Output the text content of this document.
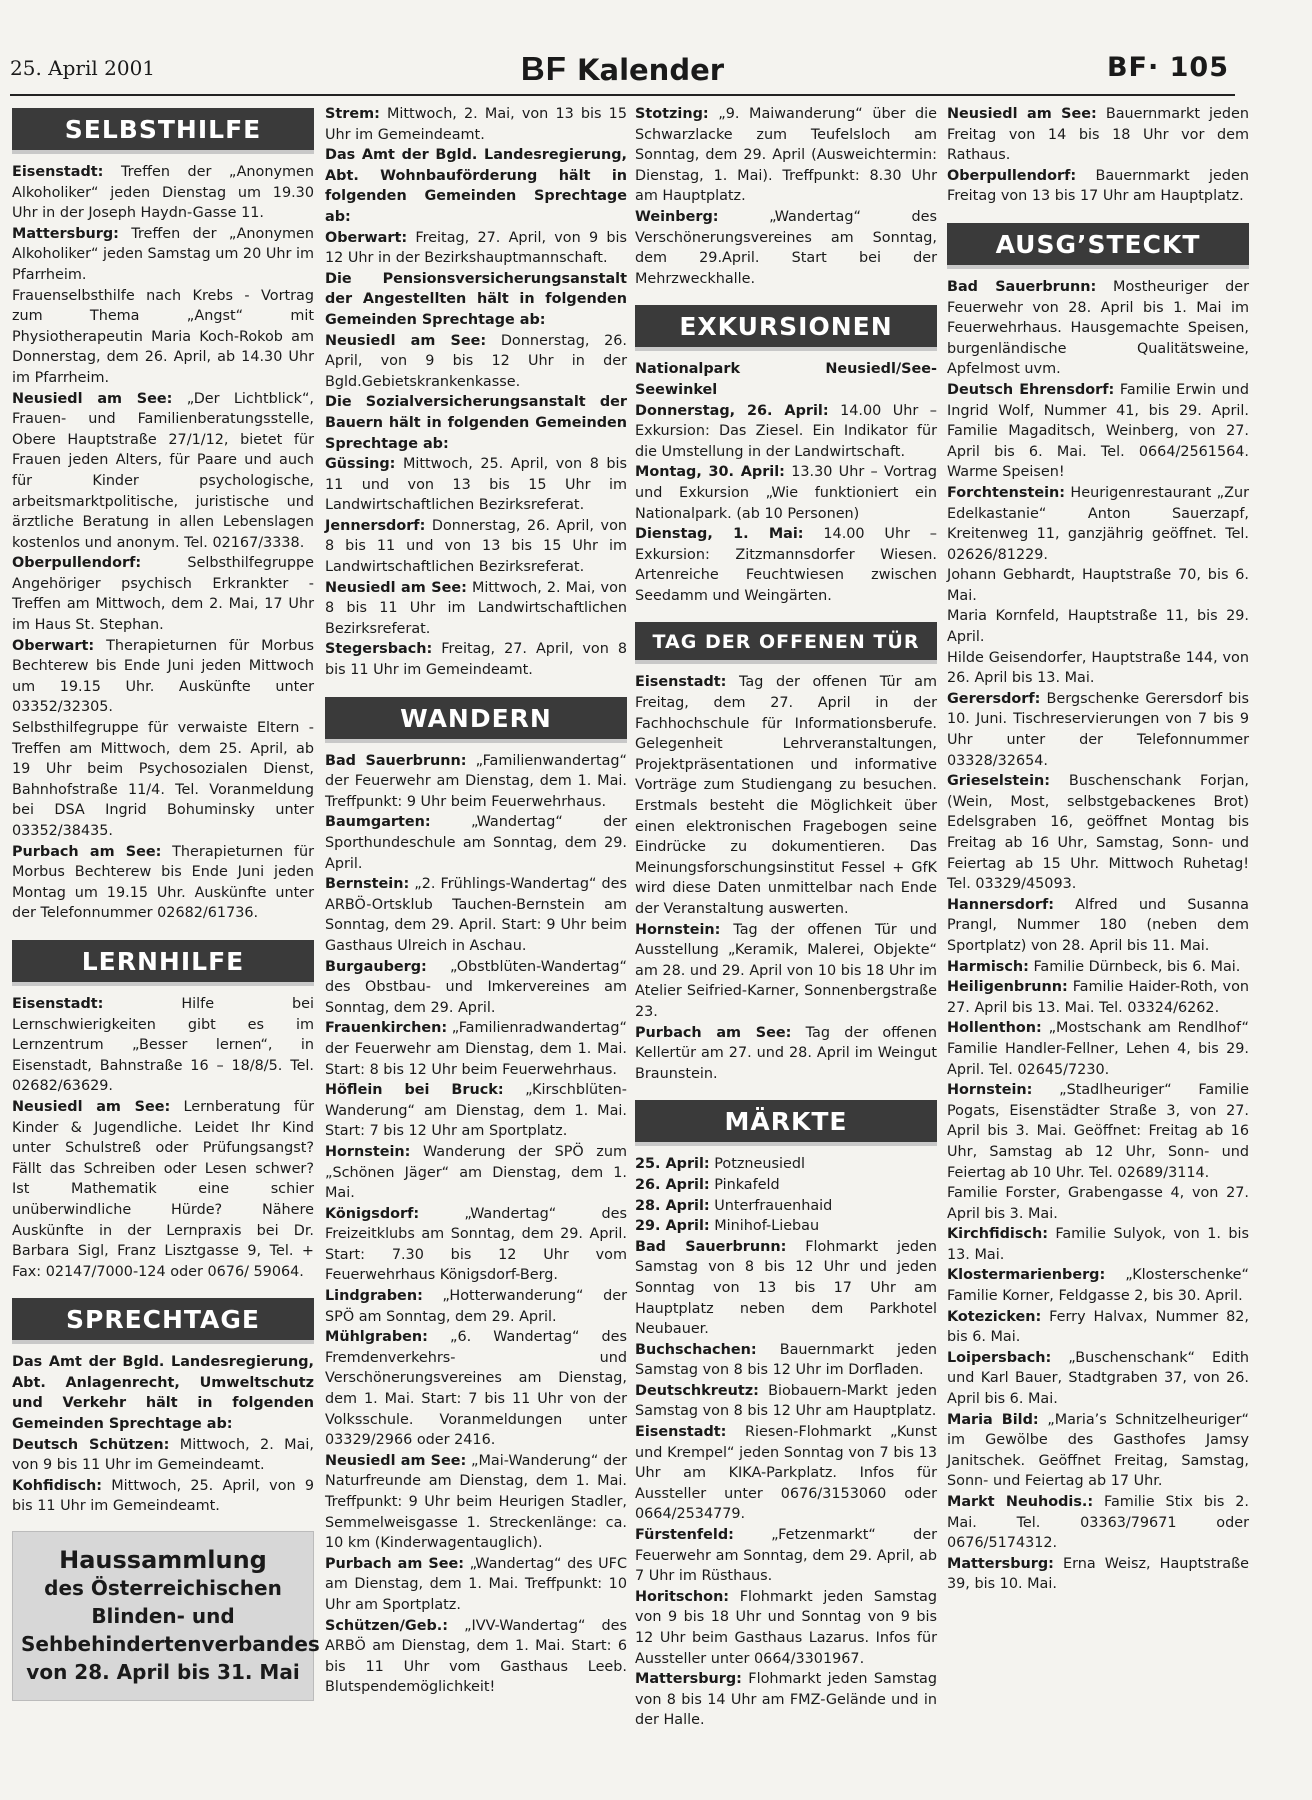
25. April 2001	BF Kalender	BF· 105
SELBSTHILFE

Eisenstadt: Treffen der „Anonymen Alkoholiker“ jeden Dienstag um 19.30 Uhr in der Joseph Haydn-Gasse 11.

Mattersburg: Treffen der „Anonymen Alkoholiker“ jeden Samstag um 20 Uhr im Pfarrheim.

Frauenselbsthilfe nach Krebs - Vortrag zum Thema „Angst“ mit Physiotherapeutin Maria Koch-Rokob am Donnerstag, dem 26. April, ab 14.30 Uhr im Pfarrheim.

Neusiedl am See: „Der Lichtblick“, Frauen- und Familienberatungsstelle, Obere Hauptstraße 27/1/12, bietet für Frauen jeden Alters, für Paare und auch für Kinder psychologische, arbeitsmarktpolitische, juristische und ärztliche Beratung in allen Lebenslagen kostenlos und anonym. Tel. 02167/3338.

Oberpullendorf: Selbsthilfegruppe Angehöriger psychisch Erkrankter - Treffen am Mittwoch, dem 2. Mai, 17 Uhr im Haus St. Stephan.

Oberwart: Therapieturnen für Morbus Bechterew bis Ende Juni jeden Mittwoch um 19.15 Uhr. Auskünfte unter 03352/32305.

Selbsthilfegruppe für verwaiste Eltern - Treffen am Mittwoch, dem 25. April, ab 19 Uhr beim Psychosozialen Dienst, Bahnhofstraße 11/4. Tel. Voranmeldung bei DSA Ingrid Bohuminsky unter 03352/38435.

Purbach am See: Therapieturnen für Morbus Bechterew bis Ende Juni jeden Montag um 19.15 Uhr. Auskünfte unter der Telefonnummer 02682/61736.

LERNHILFE

Eisenstadt: Hilfe bei Lernschwierigkeiten gibt es im Lernzentrum „Besser lernen“, in Eisenstadt, Bahnstraße 16 – 18/8/5. Tel. 02682/63629.

Neusiedl am See: Lernberatung für Kinder & Jugendliche. Leidet Ihr Kind unter Schulstreß oder Prüfungsangst? Fällt das Schreiben oder Lesen schwer? Ist Mathematik eine schier unüberwindliche Hürde? Nähere Auskünfte in der Lernpraxis bei Dr. Barbara Sigl, Franz Lisztgasse 9, Tel. + Fax: 02147/7000-124 oder 0676/ 59064.

SPRECHTAGE

Das Amt der Bgld. Landesregierung, Abt. Anlagenrecht, Umweltschutz und Verkehr hält in folgenden Gemeinden Sprechtage ab:

Deutsch Schützen: Mittwoch, 2. Mai, von 9 bis 11 Uhr im Gemeindeamt.

Kohfidisch: Mittwoch, 25. April, von 9 bis 11 Uhr im Gemeindeamt.

Haussammlung
des Österreichischen
Blinden- und
Sehbehindertenverbandes
von 28. April bis 31. Mai

Strem: Mittwoch, 2. Mai, von 13 bis 15 Uhr im Gemeindeamt.

Das Amt der Bgld. Landesregierung, Abt. Wohnbauförderung hält in folgenden Gemeinden Sprechtage ab:

Oberwart: Freitag, 27. April, von 9 bis 12 Uhr in der Bezirkshauptmannschaft.

Die Pensionsversicherungsanstalt der Angestellten hält in folgenden Gemeinden Sprechtage ab:

Neusiedl am See: Donnerstag, 26. April, von 9 bis 12 Uhr in der Bgld.Gebietskrankenkasse.

Die Sozialversicherungsanstalt der Bauern hält in folgenden Gemeinden Sprechtage ab:

Güssing: Mittwoch, 25. April, von 8 bis 11 und von 13 bis 15 Uhr im Landwirtschaftlichen Bezirksreferat.

Jennersdorf: Donnerstag, 26. April, von 8 bis 11 und von 13 bis 15 Uhr im Landwirtschaftlichen Bezirksreferat.

Neusiedl am See: Mittwoch, 2. Mai, von 8 bis 11 Uhr im Landwirtschaftlichen Bezirksreferat.

Stegersbach: Freitag, 27. April, von 8 bis 11 Uhr im Gemeindeamt.

WANDERN

Bad Sauerbrunn: „Familienwandertag“ der Feuerwehr am Dienstag, dem 1. Mai. Treffpunkt: 9 Uhr beim Feuerwehrhaus.

Baumgarten: „Wandertag“ der Sporthundeschule am Sonntag, dem 29. April.

Bernstein: „2. Frühlings-Wandertag“ des ARBÖ-Ortsklub Tauchen-Bernstein am Sonntag, dem 29. April. Start: 9 Uhr beim Gasthaus Ulreich in Aschau.

Burgauberg: „Obstblüten-Wandertag“ des Obstbau- und Imkervereines am Sonntag, dem 29. April.

Frauenkirchen: „Familienradwandertag“ der Feuerwehr am Dienstag, dem 1. Mai. Start: 8 bis 12 Uhr beim Feuerwehrhaus.

Höflein bei Bruck: „Kirschblüten-Wanderung“ am Dienstag, dem 1. Mai. Start: 7 bis 12 Uhr am Sportplatz.

Hornstein: Wanderung der SPÖ zum „Schönen Jäger“ am Dienstag, dem 1. Mai.

Königsdorf: „Wandertag“ des Freizeitklubs am Sonntag, dem 29. April. Start: 7.30 bis 12 Uhr vom Feuerwehrhaus Königsdorf-Berg.

Lindgraben: „Hotterwanderung“ der SPÖ am Sonntag, dem 29. April.

Mühlgraben: „6. Wandertag“ des Fremdenverkehrs- und Verschönerungsvereines am Dienstag, dem 1. Mai. Start: 7 bis 11 Uhr von der Volksschule. Voranmeldungen unter 03329/2966 oder 2416.

Neusiedl am See: „Mai-Wanderung“ der Naturfreunde am Dienstag, dem 1. Mai. Treffpunkt: 9 Uhr beim Heurigen Stadler, Semmelweisgasse 1. Streckenlänge: ca. 10 km (Kinderwagentauglich).

Purbach am See: „Wandertag“ des UFC am Dienstag, dem 1. Mai. Treffpunkt: 10 Uhr am Sportplatz.

Schützen/Geb.: „IVV-Wandertag“ des ARBÖ am Dienstag, dem 1. Mai. Start: 6 bis 11 Uhr vom Gasthaus Leeb. Blutspendemöglichkeit!

Stotzing: „9. Maiwanderung“ über die Schwarzlacke zum Teufelsloch am Sonntag, dem 29. April (Ausweichtermin: Dienstag, 1. Mai). Treffpunkt: 8.30 Uhr am Hauptplatz.

Weinberg: „Wandertag“ des Verschönerungsvereines am Sonntag, dem 29.April. Start bei der Mehrzweckhalle.

EXKURSIONEN

Nationalpark Neusiedl/See-Seewinkel

Donnerstag, 26. April: 14.00 Uhr – Exkursion: Das Ziesel. Ein Indikator für die Umstellung in der Landwirtschaft.

Montag, 30. April: 13.30 Uhr – Vortrag und Exkursion „Wie funktioniert ein Nationalpark. (ab 10 Personen)

Dienstag, 1. Mai: 14.00 Uhr – Exkursion: Zitzmannsdorfer Wiesen. Artenreiche Feuchtwiesen zwischen Seedamm und Weingärten.

TAG DER OFFENEN TÜR

Eisenstadt: Tag der offenen Tür am Freitag, dem 27. April in der Fachhochschule für Informationsberufe. Gelegenheit Lehrveranstaltungen, Projektpräsentationen und informative Vorträge zum Studiengang zu besuchen. Erstmals besteht die Möglichkeit über einen elektronischen Fragebogen seine Eindrücke zu dokumentieren. Das Meinungsforschungsinstitut Fessel + GfK wird diese Daten unmittelbar nach Ende der Veranstaltung auswerten.

Hornstein: Tag der offenen Tür und Ausstellung „Keramik, Malerei, Objekte“ am 28. und 29. April von 10 bis 18 Uhr im Atelier Seifried-Karner, Sonnenbergstraße 23.

Purbach am See: Tag der offenen Kellertür am 27. und 28. April im Weingut Braunstein.

MÄRKTE

25. April: Potzneusiedl

26. April: Pinkafeld

28. April: Unterfrauenhaid

29. April: Minihof-Liebau

Bad Sauerbrunn: Flohmarkt jeden Samstag von 8 bis 12 Uhr und jeden Sonntag von 13 bis 17 Uhr am Hauptplatz neben dem Parkhotel Neubauer.

Buchschachen: Bauernmarkt jeden Samstag von 8 bis 12 Uhr im Dorfladen.

Deutschkreutz: Biobauern-Markt jeden Samstag von 8 bis 12 Uhr am Hauptplatz.

Eisenstadt: Riesen-Flohmarkt „Kunst und Krempel“ jeden Sonntag von 7 bis 13 Uhr am KIKA-Parkplatz. Infos für Aussteller unter 0676/3153060 oder 0664/2534779.

Fürstenfeld: „Fetzenmarkt“ der Feuerwehr am Sonntag, dem 29. April, ab 7 Uhr im Rüsthaus.

Horitschon: Flohmarkt jeden Samstag von 9 bis 18 Uhr und Sonntag von 9 bis 12 Uhr beim Gasthaus Lazarus. Infos für Aussteller unter 0664/3301967.

Mattersburg: Flohmarkt jeden Samstag von 8 bis 14 Uhr am FMZ-Gelände und in der Halle.

Neusiedl am See: Bauernmarkt jeden Freitag von 14 bis 18 Uhr vor dem Rathaus.

Oberpullendorf: Bauernmarkt jeden Freitag von 13 bis 17 Uhr am Hauptplatz.

AUSG’STECKT

Bad Sauerbrunn: Mostheuriger der Feuerwehr von 28. April bis 1. Mai im Feuerwehrhaus. Hausgemachte Speisen, burgenländische Qualitätsweine, Apfelmost uvm.

Deutsch Ehrensdorf: Familie Erwin und Ingrid Wolf, Nummer 41, bis 29. April. Familie Magaditsch, Weinberg, von 27. April bis 6. Mai. Tel. 0664/2561564. Warme Speisen!

Forchtenstein: Heurigenrestaurant „Zur Edelkastanie“ Anton Sauerzapf, Kreitenweg 11, ganzjährig geöffnet. Tel. 02626/81229.

Johann Gebhardt, Hauptstraße 70, bis 6. Mai.

Maria Kornfeld, Hauptstraße 11, bis 29. April.

Hilde Geisendorfer, Hauptstraße 144, von 26. April bis 13. Mai.

Gerersdorf: Bergschenke Gerersdorf bis 10. Juni. Tischreservierungen von 7 bis 9 Uhr unter der Telefonnummer 03328/32654.

Grieselstein: Buschenschank Forjan, (Wein, Most, selbstgebackenes Brot) Edelsgraben 16, geöffnet Montag bis Freitag ab 16 Uhr, Samstag, Sonn- und Feiertag ab 15 Uhr. Mittwoch Ruhetag! Tel. 03329/45093.

Hannersdorf: Alfred und Susanna Prangl, Nummer 180 (neben dem Sportplatz) von 28. April bis 11. Mai.

Harmisch: Familie Dürnbeck, bis 6. Mai.

Heiligenbrunn: Familie Haider-Roth, von 27. April bis 13. Mai. Tel. 03324/6262.

Hollenthon: „Mostschank am Rendlhof“ Familie Handler-Fellner, Lehen 4, bis 29. April. Tel. 02645/7230.

Hornstein: „Stadlheuriger“ Familie Pogats, Eisenstädter Straße 3, von 27. April bis 3. Mai. Geöffnet: Freitag ab 16 Uhr, Samstag ab 12 Uhr, Sonn- und Feiertag ab 10 Uhr. Tel. 02689/3114.

Familie Forster, Grabengasse 4, von 27. April bis 3. Mai.

Kirchfidisch: Familie Sulyok, von 1. bis 13. Mai.

Klostermarienberg: „Klosterschenke“ Familie Korner, Feldgasse 2, bis 30. April.

Kotezicken: Ferry Halvax, Nummer 82, bis 6. Mai.

Loipersbach: „Buschenschank“ Edith und Karl Bauer, Stadtgraben 37, von 26. April bis 6. Mai.

Maria Bild: „Maria’s Schnitzelheuriger“ im Gewölbe des Gasthofes Jamsy Janitschek. Geöffnet Freitag, Samstag, Sonn- und Feiertag ab 17 Uhr.

Markt Neuhodis.: Familie Stix bis 2. Mai. Tel. 03363/79671 oder 0676/5174312.

Mattersburg: Erna Weisz, Hauptstraße 39, bis 10. Mai.
